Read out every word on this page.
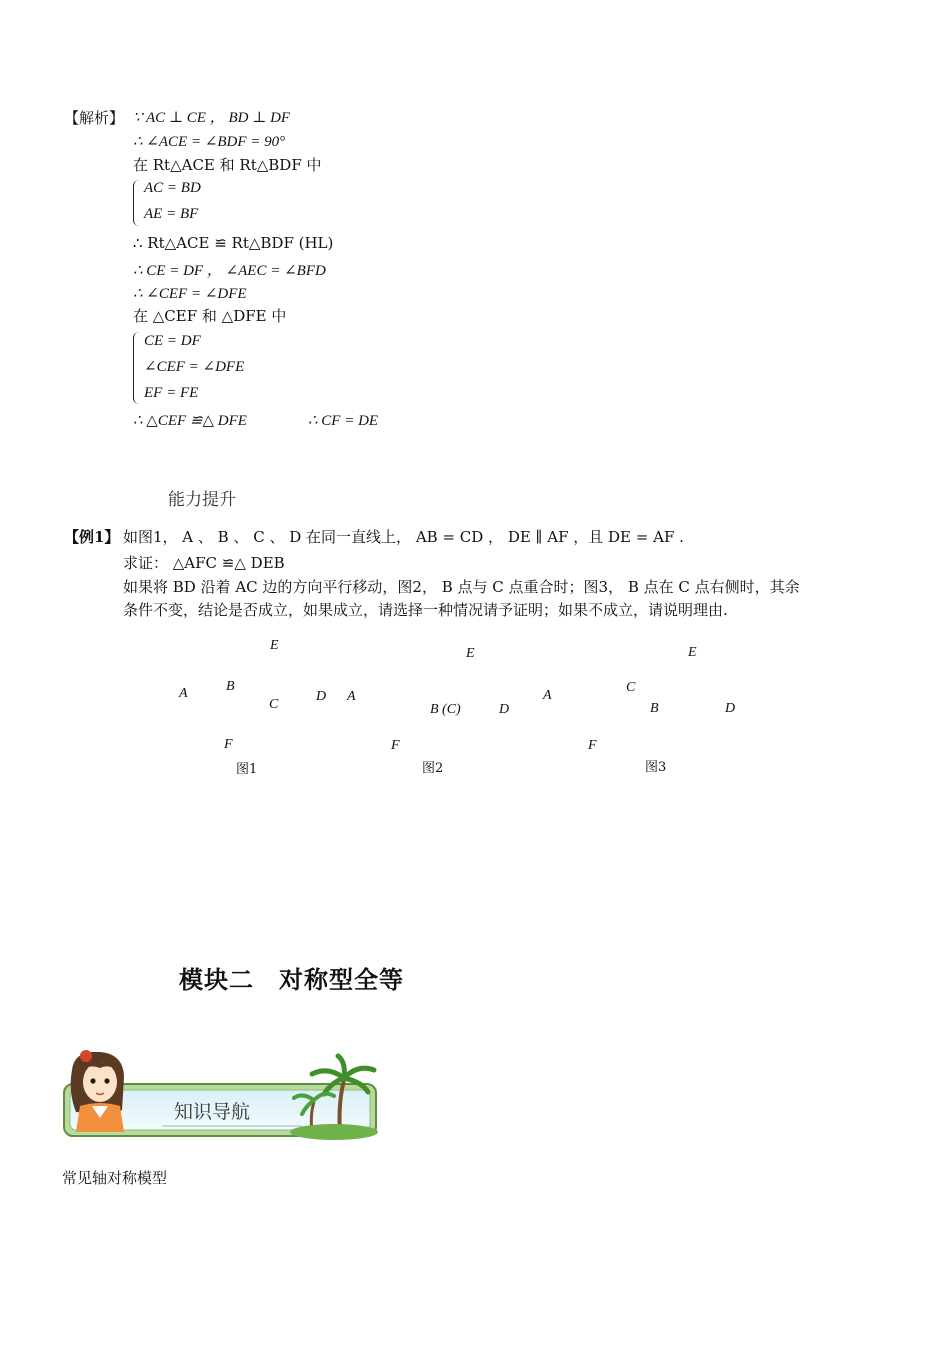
【解析】 ∵ AC ⊥ CE ， BD ⊥ DF
∴ ∠ACE = ∠BDF = 90°
在 Rt△ACE 和 Rt△BDF 中
AC = BD
AE = BF
∴ Rt△ACE ≌ Rt△BDF (HL)
∴ CE = DF ， ∠AEC = ∠BFD
∴ ∠CEF = ∠DFE
在 △CEF 和 △DFE 中
CE = DF
∠CEF = ∠DFE
EF = FE
∴ △CEF ≌△ DFE	∴ CF = DE
能力提升
【例1】 如图1， A 、 B 、 C 、 D 在同一直线上， AB = CD ， DE ∥ AF ，且 DE = AF .
求证： △AFC ≌△ DEB
如果将 BD 沿着 AC 边的方向平行移动，图2， B 点与 C 点重合时；图3， B 点在 C 点右侧时，其余
条件不变，结论是否成立，如果成立，请选择一种情况请予证明；如果不成立，请说明理由.
E
A	B
C
D
F
图1
E
A
B (C)	D
F
图2
E
A
C
B	D
F
图3
模块二　对称型全等
知识导航
常见轴对称模型
